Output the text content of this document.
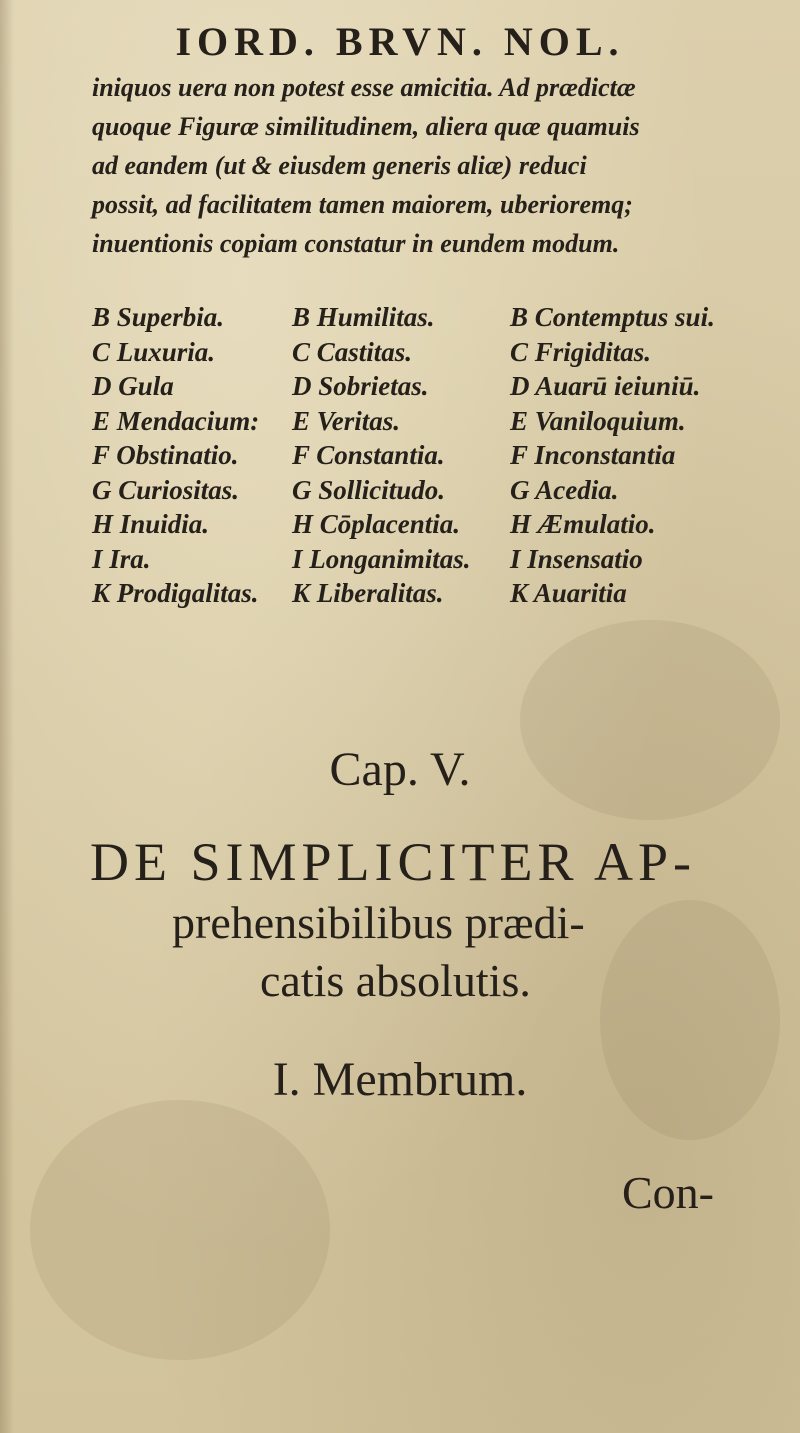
IORD. BRVN. NOL.

iniquos uera non potest esse amicitia. Ad prædictæ

quoque Figuræ similitudinem, aliera quæ quamuis

ad eandem (ut & eiusdem generis aliæ) reduci

possit, ad facilitatem tamen maiorem, uberioremq;

inuentionis copiam constatur in eundem modum.

B Superbia.	B Humilitas.	B Contemptus sui.
C Luxuria.	C Castitas.	C Frigiditas.
D Gula	D Sobrietas.	D Auarū ieiuniū.
E Mendacium:	E Veritas.	E Vaniloquium.
F Obstinatio.	F Constantia.	F Inconstantia
G Curiositas.	G Sollicitudo.	G Acedia.
H Inuidia.	H Cōplacentia.	H Æmulatio.
I Ira.	I Longanimitas.	I Insensatio
K Prodigalitas.	K Liberalitas.	K Auaritia
Cap. V.
DE SIMPLICITER AP-
prehensibilibus prædi-
catis absolutis.
I. Membrum.
Con-
